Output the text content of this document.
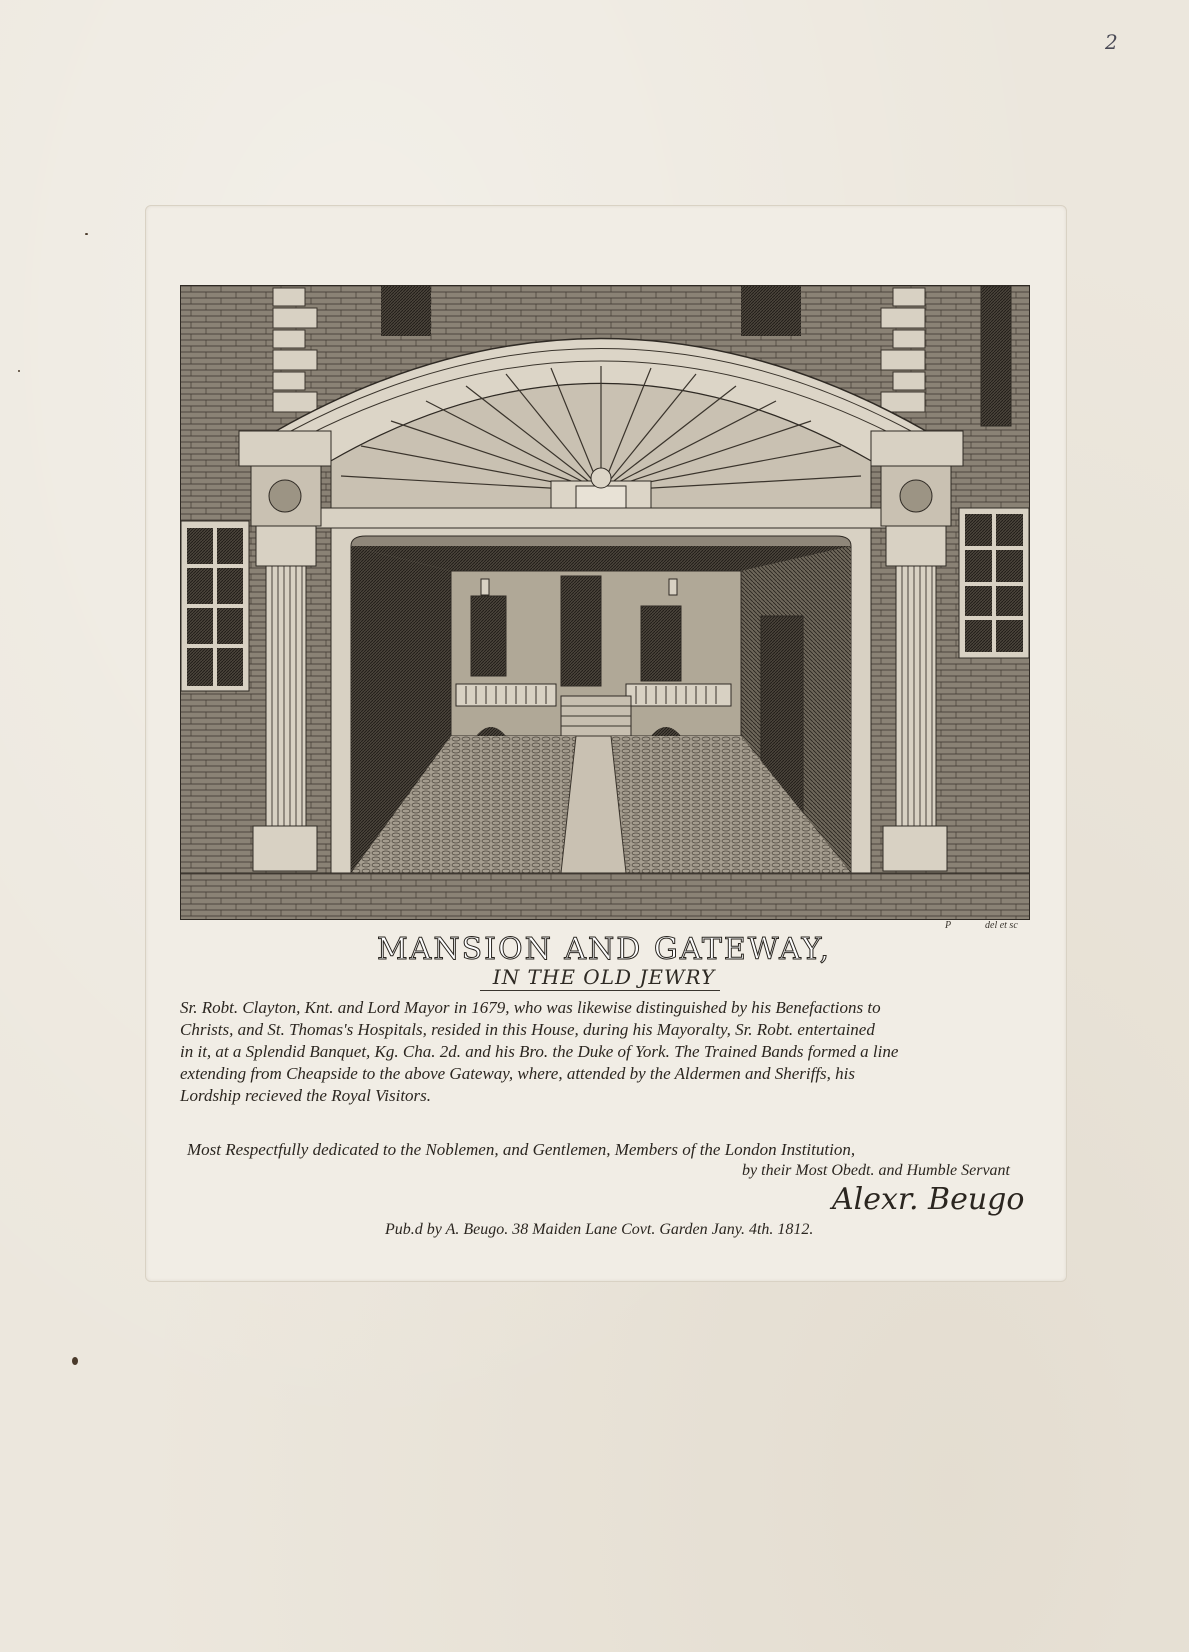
2
P	del et sc
MANSION AND GATEWAY,
IN THE OLD JEWRY
Sr. Robt. Clayton, Knt. and Lord Mayor in 1679, who was likewise distinguished by his Benefactions to
Christs, and St. Thomas's Hospitals, resided in this House, during his Mayoralty, Sr. Robt. entertained
in it, at a Splendid Banquet, Kg. Cha. 2d. and his Bro. the Duke of York. The Trained Bands formed a line
extending from Cheapside to the above Gateway, where, attended by the Aldermen and Sheriffs, his
Lordship recieved the Royal Visitors.
Most Respectfully dedicated to the Noblemen, and Gentlemen, Members of the London Institution,
by their Most Obedt. and Humble Servant
Alexr. Beugo
Pub.d by A. Beugo. 38 Maiden Lane Covt. Garden Jany. 4th. 1812.
